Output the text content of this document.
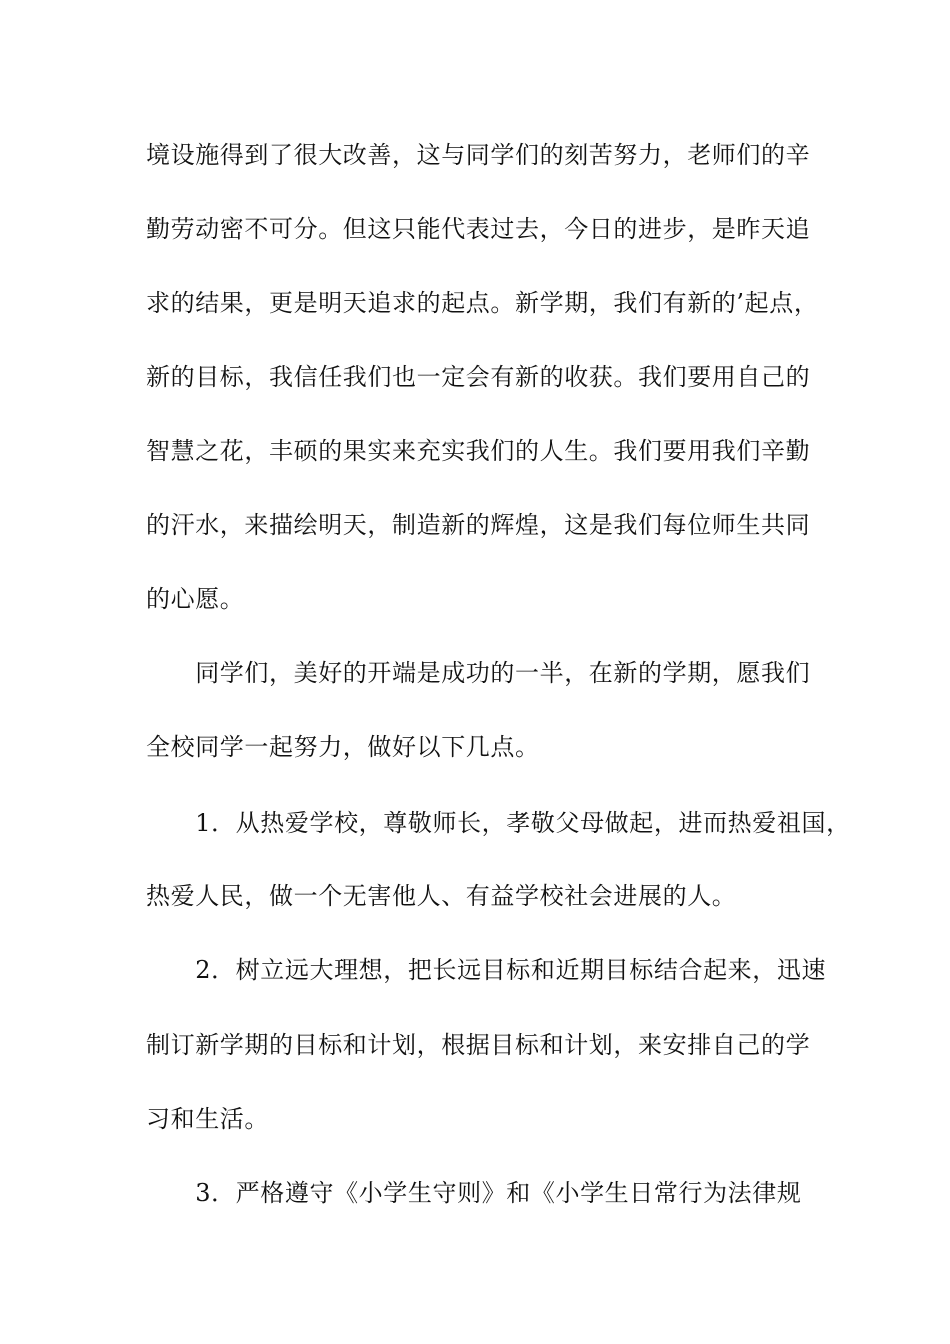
境设施得到了很大改善，这与同学们的刻苦努力，老师们的辛
勤劳动密不可分。但这只能代表过去，今日的进步，是昨天追
求的结果，更是明天追求的起点。新学期，我们有新的’起点，
新的目标，我信任我们也一定会有新的收获。我们要用自己的
智慧之花，丰硕的果实来充实我们的人生。我们要用我们辛勤
的汗水，来描绘明天，制造新的辉煌，这是我们每位师生共同
的心愿。
　　同学们，美好的开端是成功的一半，在新的学期，愿我们
全校同学一起努力，做好以下几点。
　　1．从热爱学校，尊敬师长，孝敬父母做起，进而热爱祖国，
热爱人民，做一个无害他人、有益学校社会进展的人。
　　2．树立远大理想，把长远目标和近期目标结合起来，迅速
制订新学期的目标和计划，根据目标和计划，来安排自己的学
习和生活。
　　3．严格遵守《小学生守则》和《小学生日常行为法律规
